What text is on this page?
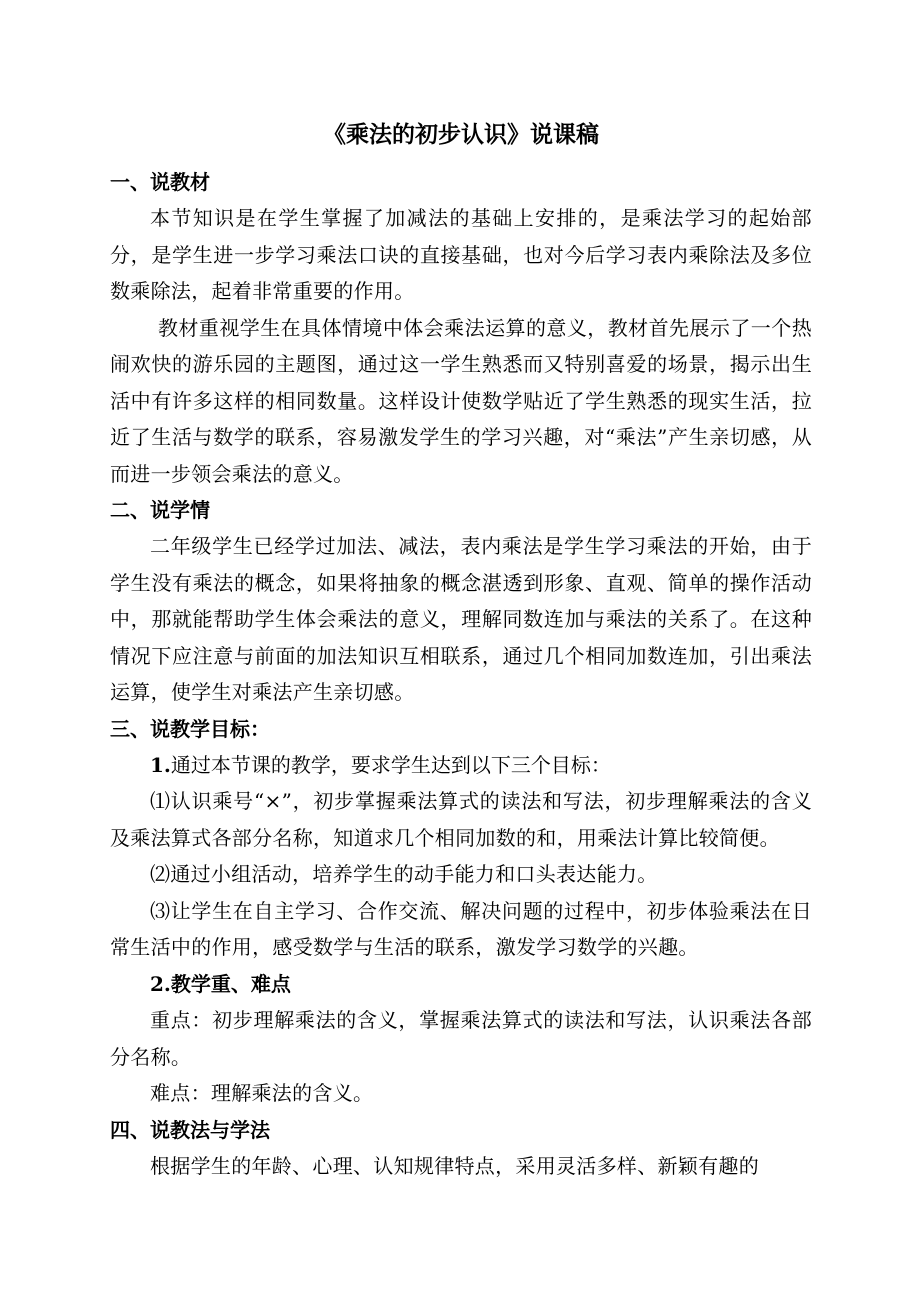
《乘法的初步认识》说课稿
一、说教材

本节知识是在学生掌握了加减法的基础上安排的，是乘法学习的起始部分，是学生进一步学习乘法口诀的直接基础，也对今后学习表内乘除法及多位数乘除法，起着非常重要的作用。

教材重视学生在具体情境中体会乘法运算的意义，教材首先展示了一个热闹欢快的游乐园的主题图，通过这一学生熟悉而又特别喜爱的场景，揭示出生活中有许多这样的相同数量。这样设计使数学贴近了学生熟悉的现实生活，拉近了生活与数学的联系，容易激发学生的学习兴趣，对“乘法”产生亲切感，从而进一步领会乘法的意义。

二、说学情

二年级学生已经学过加法、减法，表内乘法是学生学习乘法的开始，由于学生没有乘法的概念，如果将抽象的概念湛透到形象、直观、简单的操作活动中，那就能帮助学生体会乘法的意义，理解同数连加与乘法的关系了。在这种情况下应注意与前面的加法知识互相联系，通过几个相同加数连加，引出乘法运算，使学生对乘法产生亲切感。

三、说教学目标：

1.通过本节课的教学，要求学生达到以下三个目标：

⑴认识乘号“×”，初步掌握乘法算式的读法和写法，初步理解乘法的含义及乘法算式各部分名称，知道求几个相同加数的和，用乘法计算比较简便。

⑵通过小组活动，培养学生的动手能力和口头表达能力。

⑶让学生在自主学习、合作交流、解决问题的过程中，初步体验乘法在日常生活中的作用，感受数学与生活的联系，激发学习数学的兴趣。

2.教学重、难点

重点：初步理解乘法的含义，掌握乘法算式的读法和写法，认识乘法各部分名称。

难点：理解乘法的含义。

四、说教法与学法

根据学生的年龄、心理、认知规律特点，采用灵活多样、新颖有趣的
